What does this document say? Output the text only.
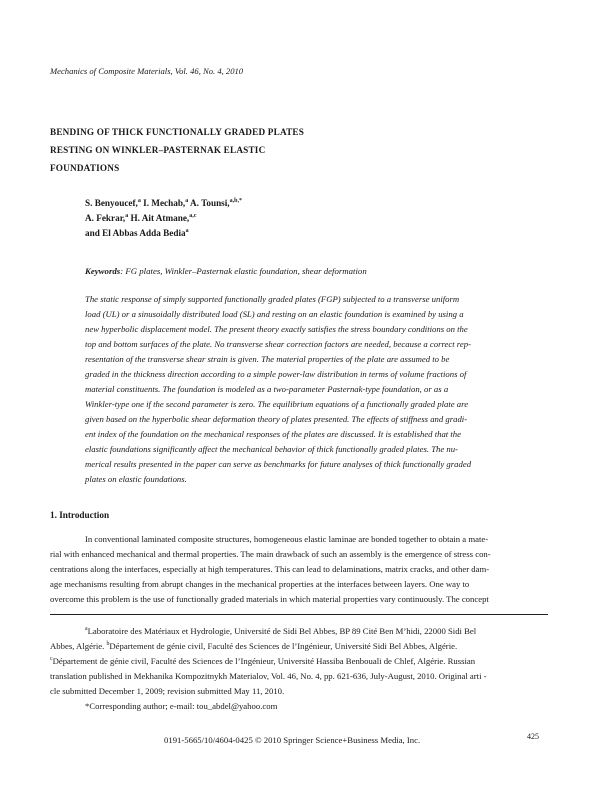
Mechanics of Composite Materials, Vol. 46, No. 4, 2010
BENDING OF THICK FUNCTIONALLY GRADED PLATES
RESTING ON WINKLER–PASTERNAK ELASTIC
FOUNDATIONS
S. Benyoucef,$^a$ I. Mechab,$^a$ A. Tounsi,$^{a,b,*}$
A. Fekrar,$^a$ H. Ait Atmane,$^{a,c}$
and El Abbas Adda Bedia$^a$
Keywords: FG plates, Winkler–Pasternak elastic foundation, shear deformation
The static response of simply supported functionally graded plates (FGP) subjected to a transverse uniform
load (UL) or a sinusoidally distributed load (SL) and resting on an elastic foundation is examined by using a
new hyperbolic displacement model. The present theory exactly satisfies the stress boundary conditions on the
top and bottom surfaces of the plate. No transverse shear correction factors are needed, because a correct rep-
resentation of the transverse shear strain is given. The material properties of the plate are assumed to be
graded in the thickness direction according to a simple power-law distribution in terms of volume fractions of
material constituents. The foundation is modeled as a two-parameter Pasternak-type foundation, or as a
Winkler-type one if the second parameter is zero. The equilibrium equations of a functionally graded plate are
given based on the hyperbolic shear deformation theory of plates presented. The effects of stiffness and gradi-
ent index of the foundation on the mechanical responses of the plates are discussed. It is established that the
elastic foundations significantly affect the mechanical behavior of thick functionally graded plates. The nu-
merical results presented in the paper can serve as benchmarks for future analyses of thick functionally graded
plates on elastic foundations.
1. Introduction
In conventional laminated composite structures, homogeneous elastic laminae are bonded together to obtain a mate-
rial with enhanced mechanical and thermal properties. The main drawback of such an assembly is the emergence of stress con-
centrations along the interfaces, especially at high temperatures. This can lead to delaminations, matrix cracks, and other dam-
age mechanisms resulting from abrupt changes in the mechanical properties at the interfaces between layers. One way to
overcome this problem is the use of functionally graded materials in which material properties vary continuously. The concept
$^a$Laboratoire des Matériaux et Hydrologie, Université de Sidi Bel Abbes, BP 89 Cité Ben M’hidi, 22000 Sidi Bel
Abbes, Algérie. $^b$Département de génie civil, Faculté des Sciences de l’Ingénieur, Université Sidi Bel Abbes, Algérie.
$^c$Département de génie civil, Faculté des Sciences de l’Ingénieur, Université Hassiba Benbouali de Chlef, Algérie. Russian
translation published in Mekhanika Kompozitnykh Materialov, Vol. 46, No. 4, pp. 621-636, July-August, 2010. Original arti -
cle submitted December 1, 2009; revision submitted May 11, 2010.
*Corresponding author; e-mail: tou_abdel@yahoo.com
0191-5665/10/4604-0425 © 2010 Springer Science+Business Media, Inc.	425
